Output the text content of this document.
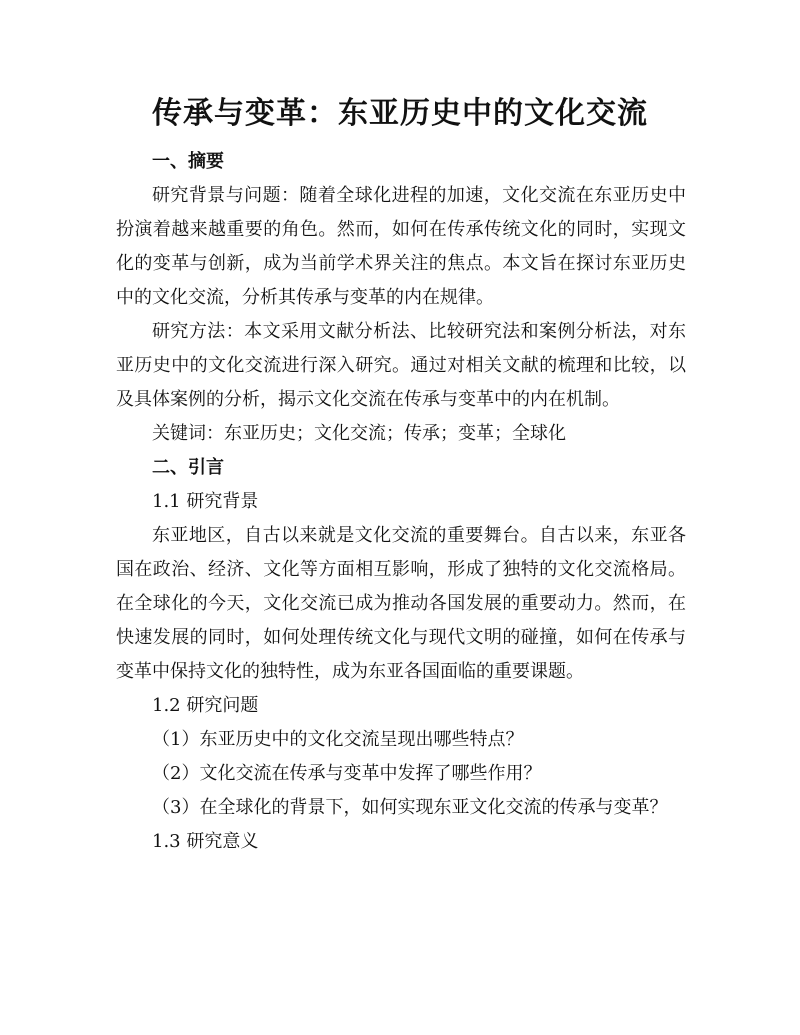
传承与变革：东亚历史中的文化交流

一、摘要

研究背景与问题：随着全球化进程的加速，文化交流在东亚历史中扮演着越来越重要的角色。然而，如何在传承传统文化的同时，实现文化的变革与创新，成为当前学术界关注的焦点。本文旨在探讨东亚历史中的文化交流，分析其传承与变革的内在规律。

研究方法：本文采用文献分析法、比较研究法和案例分析法，对东亚历史中的文化交流进行深入研究。通过对相关文献的梳理和比较，以及具体案例的分析，揭示文化交流在传承与变革中的内在机制。

关键词：东亚历史；文化交流；传承；变革；全球化

二、引言

1.1 研究背景

东亚地区，自古以来就是文化交流的重要舞台。自古以来，东亚各国在政治、经济、文化等方面相互影响，形成了独特的文化交流格局。在全球化的今天，文化交流已成为推动各国发展的重要动力。然而，在快速发展的同时，如何处理传统文化与现代文明的碰撞，如何在传承与变革中保持文化的独特性，成为东亚各国面临的重要课题。

1.2 研究问题

（1）东亚历史中的文化交流呈现出哪些特点？

（2）文化交流在传承与变革中发挥了哪些作用？

（3）在全球化的背景下，如何实现东亚文化交流的传承与变革？

1.3 研究意义
